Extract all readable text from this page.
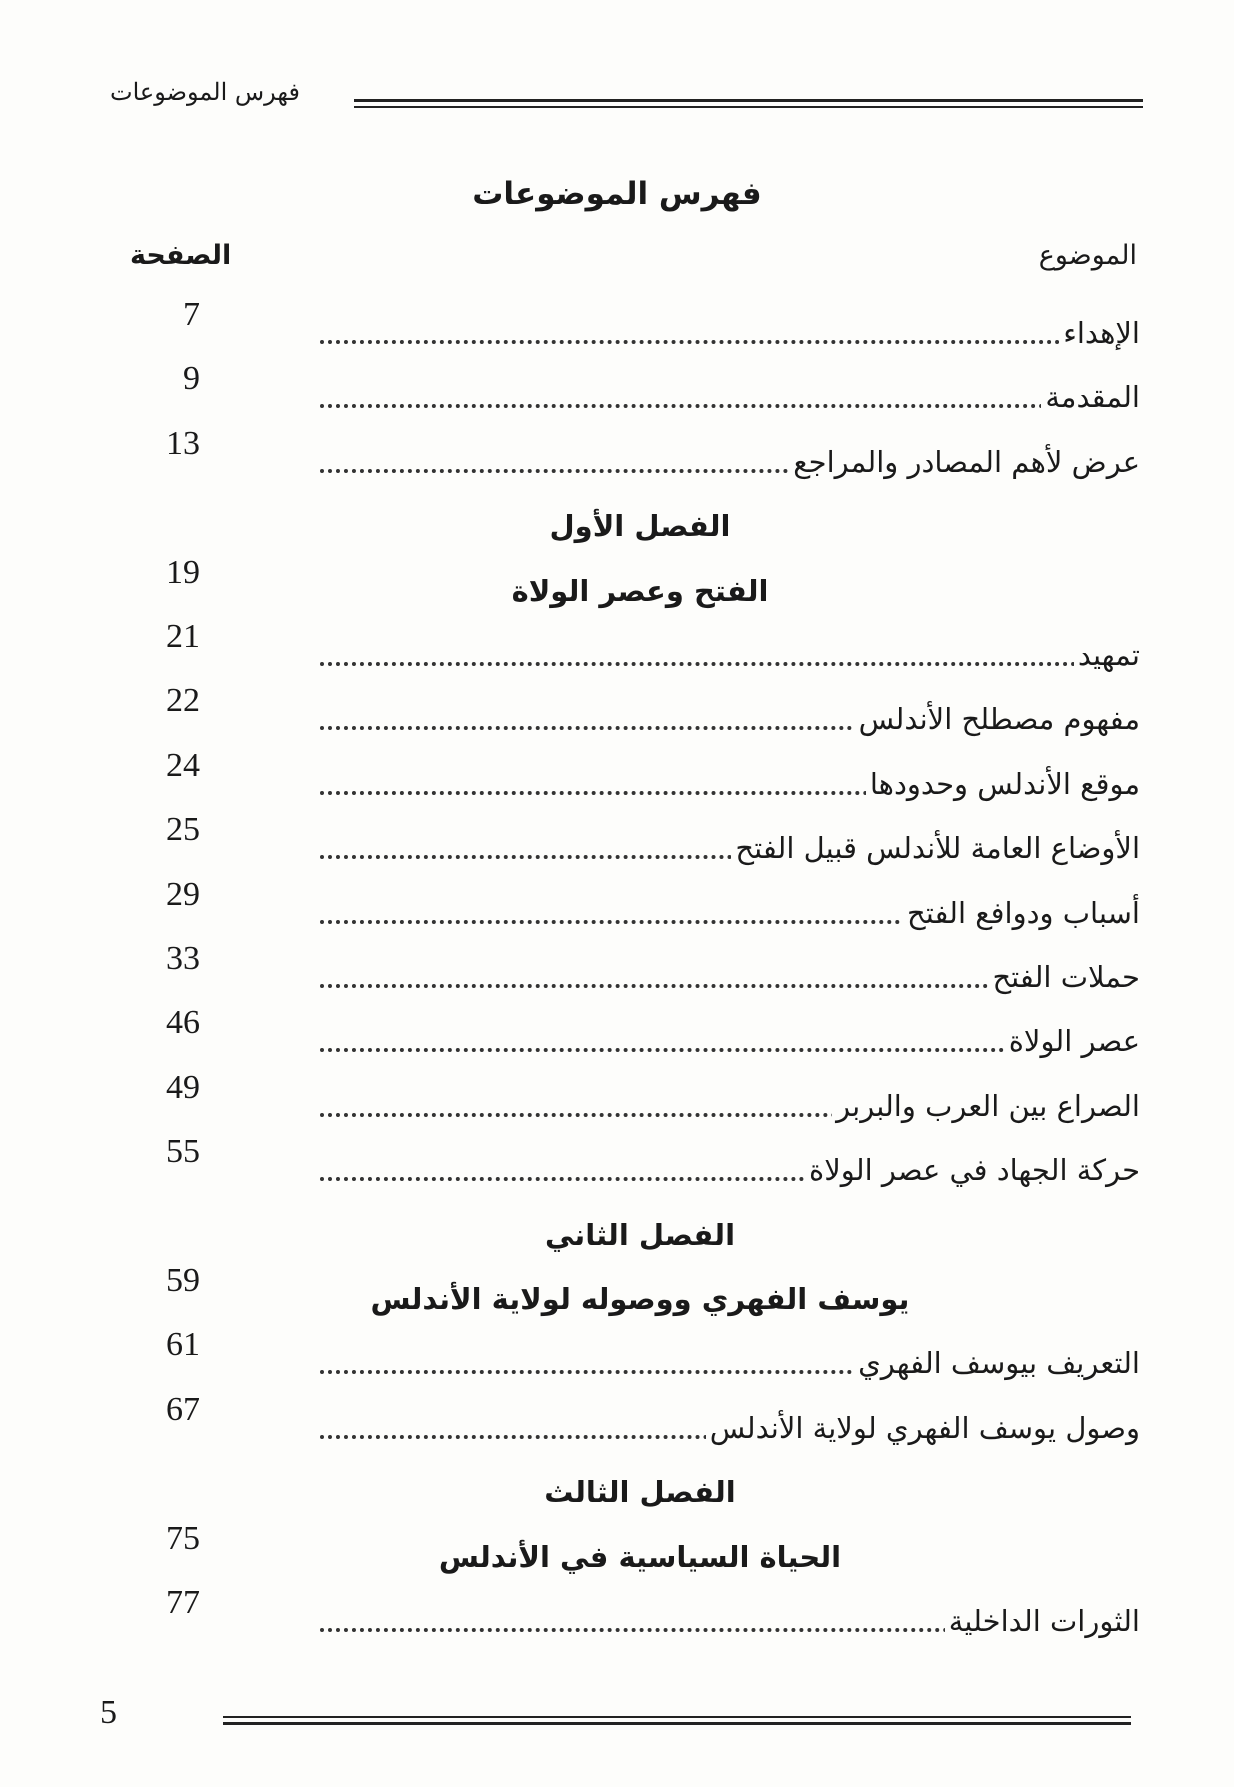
فهرس الموضوعات
فهرس الموضوعات
الموضوع
الصفحة
الإهداء
7
المقدمة
9
عرض لأهم المصادر والمراجع
13
الفصل الأول
الفتح وعصر الولاة
19
تمهيد
21
مفهوم مصطلح الأندلس
22
موقع الأندلس وحدودها
24
الأوضاع العامة للأندلس قبيل الفتح
25
أسباب ودوافع الفتح
29
حملات الفتح
33
عصر الولاة
46
الصراع بين العرب والبربر
49
حركة الجهاد في عصر الولاة
55
الفصل الثاني
يوسف الفهري ووصوله لولاية الأندلس
59
التعريف بيوسف الفهري
61
وصول يوسف الفهري لولاية الأندلس
67
الفصل الثالث
الحياة السياسية في الأندلس
75
الثورات الداخلية
77
5
